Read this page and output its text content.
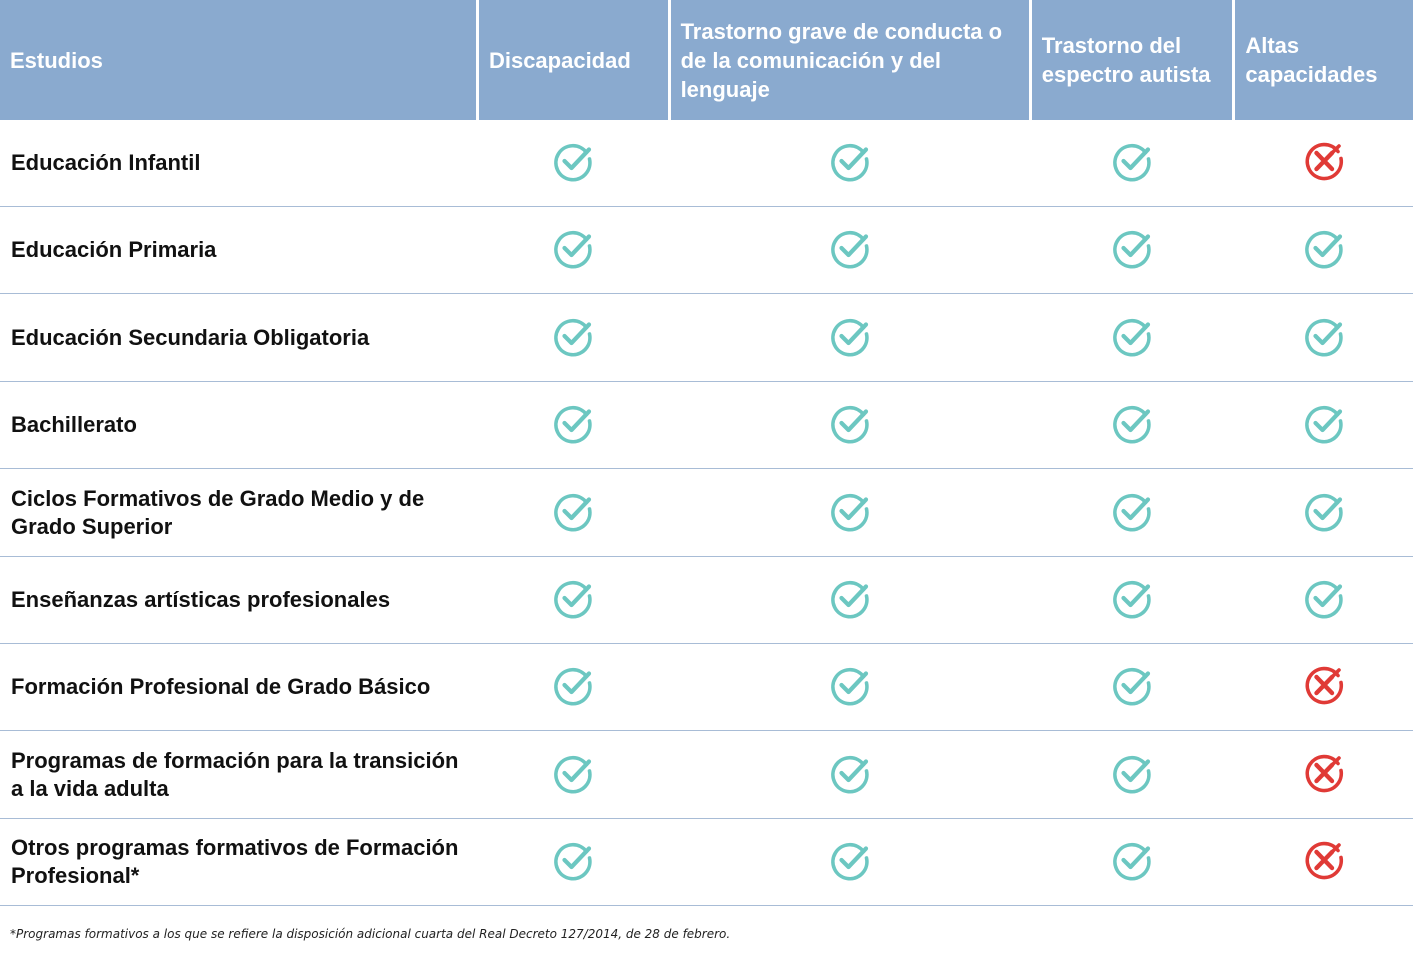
Estudios	Discapacidad
Trastorno grave de conducta o de la comunicación y del lenguaje
Trastorno del espectro autista
Altas capacidades
Educación Infantil
Educación Primaria
Educación Secundaria Obligatoria
Bachillerato
Ciclos Formativos de Grado Medio y de Grado Superior
Enseñanzas artísticas profesionales
Formación Profesional de Grado Básico
Programas de formación para la transición a la vida adulta
Otros programas formativos de Formación Profesional*
*Programas formativos a los que se refiere la disposición adicional cuarta del Real Decreto 127/2014, de 28 de febrero.
